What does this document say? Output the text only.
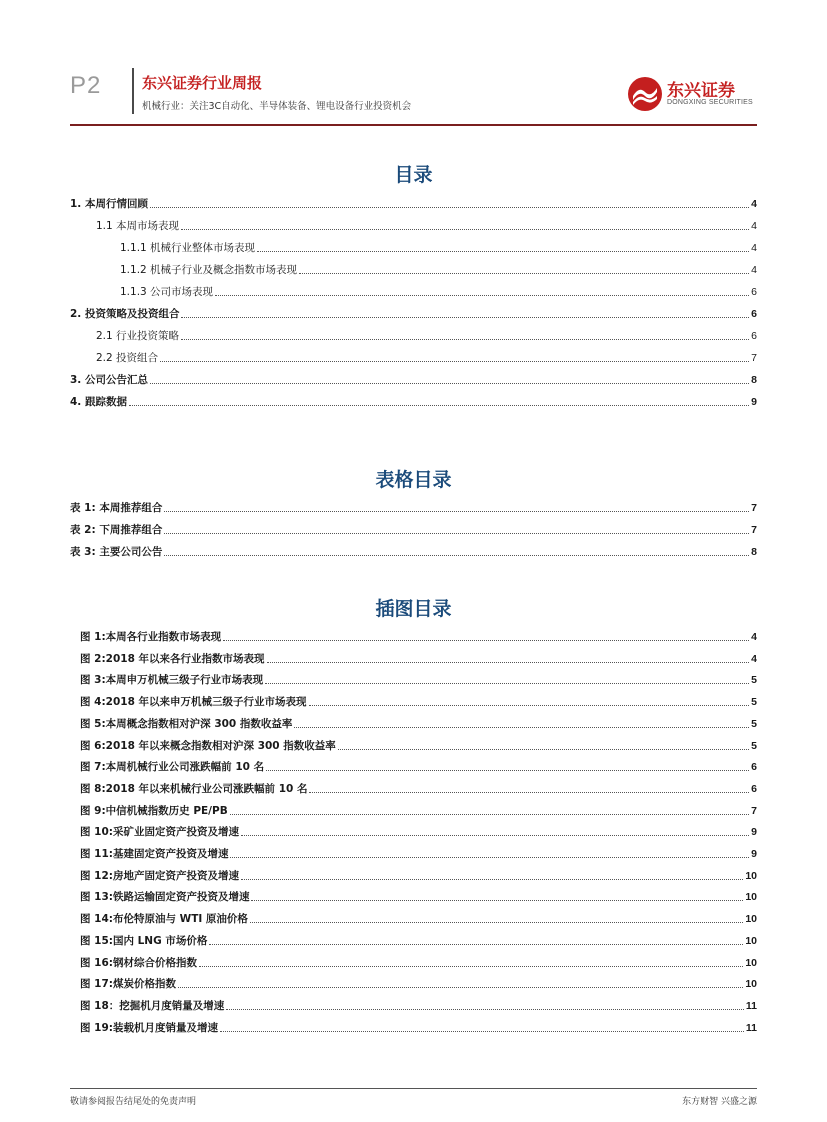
P2	东兴证券行业周报
机械行业：关注3C自动化、半导体装备、锂电设备行业投资机会
东兴证券
DONGXING SECURITIES
目录
1. 本周行情回顾	4
1.1 本周市场表现	4
1.1.1 机械行业整体市场表现	4
1.1.2 机械子行业及概念指数市场表现	4
1.1.3 公司市场表现	6
2. 投资策略及投资组合	6
2.1 行业投资策略	6
2.2 投资组合	7
3. 公司公告汇总	8
4. 跟踪数据	9
表格目录
表 1: 本周推荐组合	7
表 2: 下周推荐组合	7
表 3: 主要公司公告	8
插图目录
图 1:本周各行业指数市场表现	4
图 2:2018 年以来各行业指数市场表现	4
图 3:本周申万机械三级子行业市场表现	5
图 4:2018 年以来申万机械三级子行业市场表现	5
图 5:本周概念指数相对沪深 300 指数收益率	5
图 6:2018 年以来概念指数相对沪深 300 指数收益率	5
图 7:本周机械行业公司涨跌幅前 10 名	6
图 8:2018 年以来机械行业公司涨跌幅前 10 名	6
图 9:中信机械指数历史 PE/PB	7
图 10:采矿业固定资产投资及增速	9
图 11:基建固定资产投资及增速	9
图 12:房地产固定资产投资及增速	10
图 13:铁路运输固定资产投资及增速	10
图 14:布伦特原油与 WTI 原油价格	10
图 15:国内 LNG 市场价格	10
图 16:钢材综合价格指数	10
图 17:煤炭价格指数	10
图 18：挖掘机月度销量及增速	11
图 19:装载机月度销量及增速	11
敬请参阅报告结尾处的免责声明	东方财智 兴盛之源
